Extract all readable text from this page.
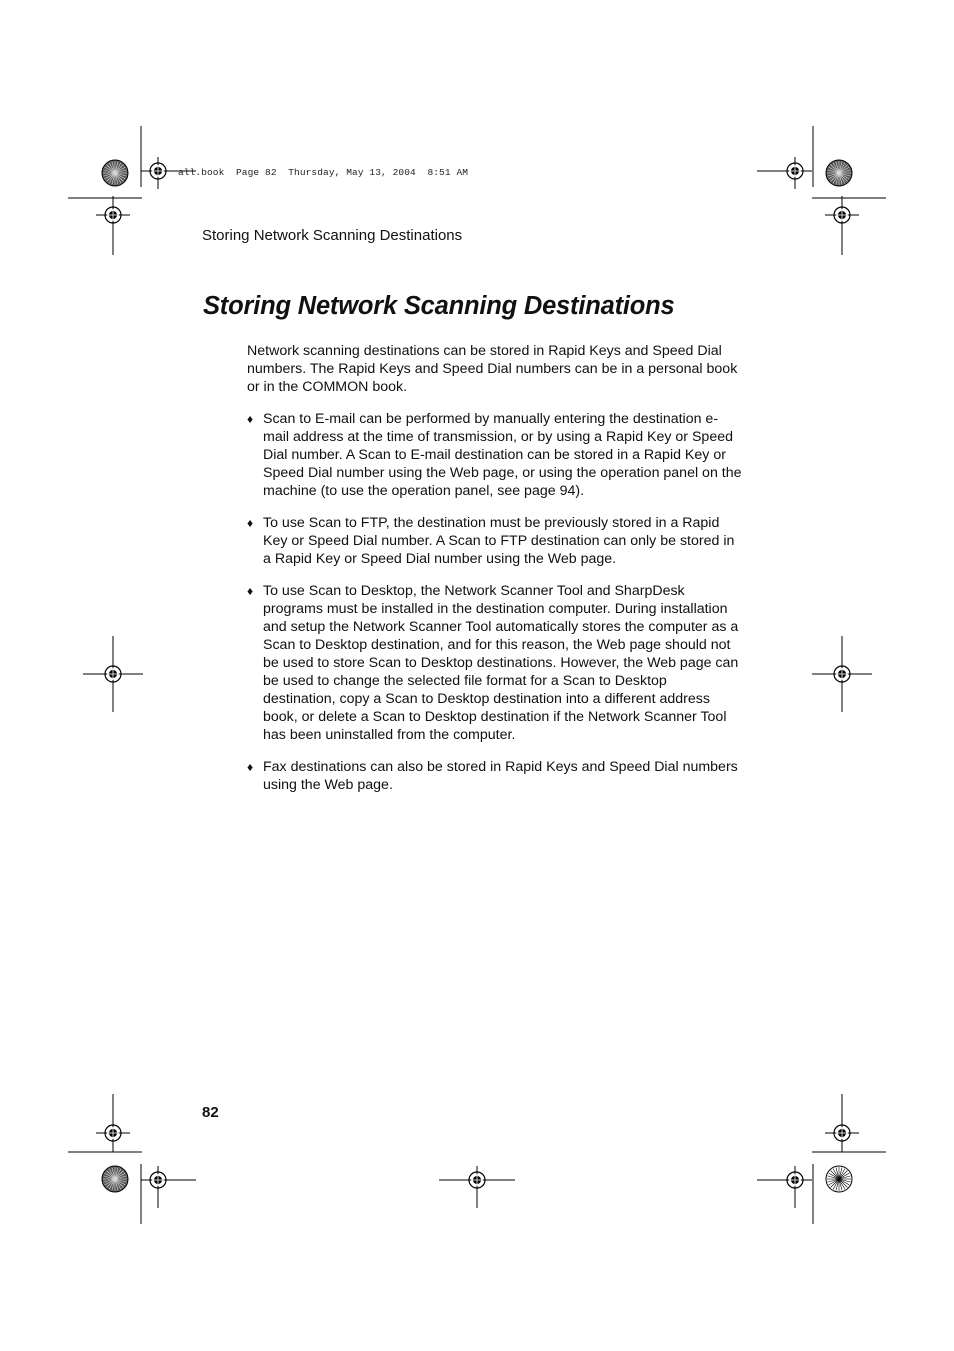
all.book  Page 82  Thursday, May 13, 2004  8:51 AM
Storing Network Scanning Destinations
Storing Network Scanning Destinations

Network scanning destinations can be stored in Rapid Keys and Speed Dial numbers. The Rapid Keys and Speed Dial numbers can be in a personal book or in the COMMON book.

♦ Scan to E-mail can be performed by manually entering the destination e-mail address at the time of transmission, or by using a Rapid Key or Speed Dial number. A Scan to E-mail destination can be stored in a Rapid Key or Speed Dial number using the Web page, or using the operation panel on the machine (to use the operation panel, see page 94).
♦ To use Scan to FTP, the destination must be previously stored in a Rapid Key or Speed Dial number. A Scan to FTP destination can only be stored in a Rapid Key or Speed Dial number using the Web page.
♦ To use Scan to Desktop, the Network Scanner Tool and SharpDesk programs must be installed in the destination computer. During installation and setup the Network Scanner Tool automatically stores the computer as a Scan to Desktop destination, and for this reason, the Web page should not be used to store Scan to Desktop destinations. However, the Web page can be used to change the selected file format for a Scan to Desktop destination, copy a Scan to Desktop destination into a different address book, or delete a Scan to Desktop destination if the Network Scanner Tool has been uninstalled from the computer.
♦ Fax destinations can also be stored in Rapid Keys and Speed Dial numbers using the Web page.
82
